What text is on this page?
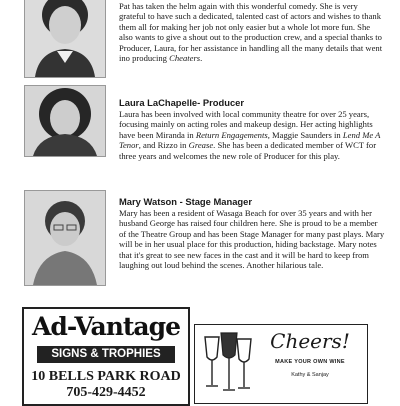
Pat has taken the helm again with this wonderful comedy. She is very grateful to have such a dedicated, talented cast of actors and wishes to thank them all for making her job not only easier but a whole lot more fun. She also wants to give a shout out to the production crew, and a special thanks to Producer, Laura, for her assistance in handling all the many details that went ino producing Cheaters.

Laura LaChapelle- Producer

Laura has been involved with local community theatre for over 25 years, focusing mainly on acting roles and makeup design. Her acting highlights have been Miranda in Return Engagements, Maggie Saunders in Lend Me A Tenor, and Rizzo in Grease. She has been a dedicated member of WCT for three years and welcomes the new role of Producer for this play.

Mary Watson - Stage Manager

Mary has been a resident of Wasaga Beach for over 35 years and with her husband George has raised four children here. She is proud to be a member of the Theatre Group and has been Stage Manager for many past plays. Mary will be in her usual place for this production, hiding backstage. Mary notes that it's great to see new faces in the cast and it will be hard to keep from laughing out loud behind the scenes. Another hilarious tale.

Ad-Vantage
SIGNS & TROPHIES
10 BELLS PARK ROAD
705-429-4452
Cheers!
MAKE YOUR OWN WINE
Kathy & Sanjay
